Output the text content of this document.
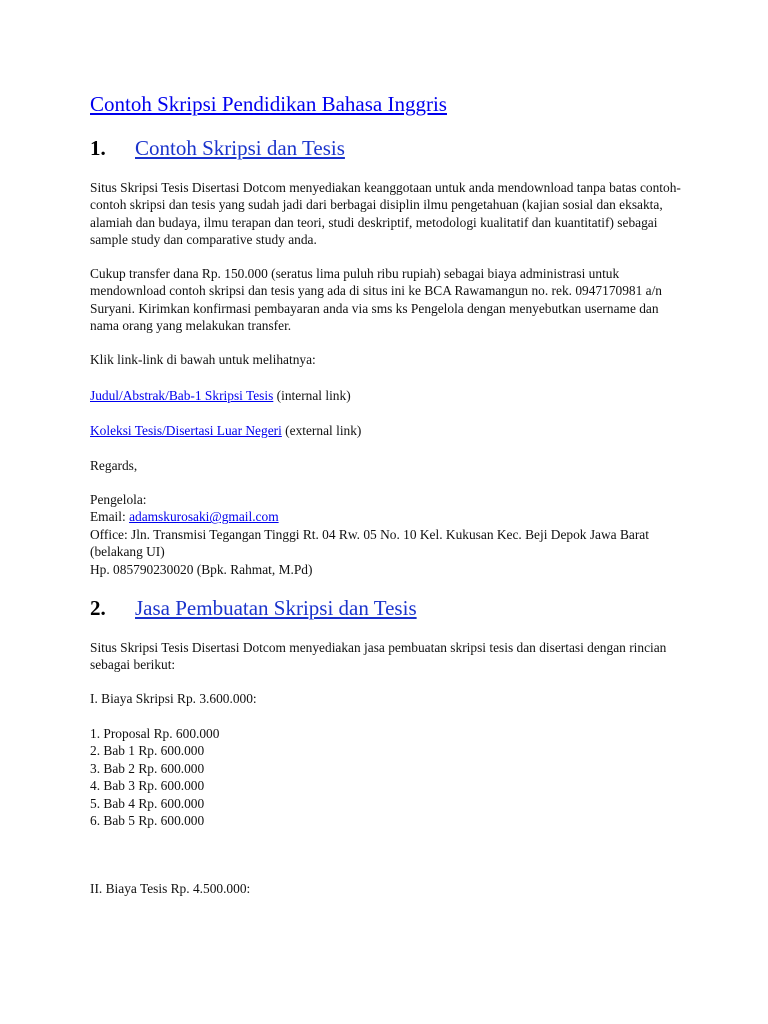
Contoh Skripsi Pendidikan Bahasa Inggris
1. Contoh Skripsi dan Tesis

Situs Skripsi Tesis Disertasi Dotcom menyediakan keanggotaan untuk anda mendownload tanpa batas contoh-contoh skripsi dan tesis yang sudah jadi dari berbagai disiplin ilmu pengetahuan (kajian sosial dan eksakta, alamiah dan budaya, ilmu terapan dan teori, studi deskriptif, metodologi kualitatif dan kuantitatif) sebagai sample study dan comparative study anda.

Cukup transfer dana Rp. 150.000 (seratus lima puluh ribu rupiah) sebagai biaya administrasi untuk mendownload contoh skripsi dan tesis yang ada di situs ini ke BCA Rawamangun no. rek. 0947170981 a/n Suryani. Kirimkan konfirmasi pembayaran anda via sms ks Pengelola dengan menyebutkan username dan nama orang yang melakukan transfer.

Klik link-link di bawah untuk melihatnya:

Judul/Abstrak/Bab-1 Skripsi Tesis (internal link)
Koleksi Tesis/Disertasi Luar Negeri (external link)

Regards,

Pengelola:

Email: adamskurosaki@gmail.com

Office: Jln. Transmisi Tegangan Tinggi Rt. 04 Rw. 05 No. 10 Kel. Kukusan Kec. Beji Depok Jawa Barat (belakang UI)

Hp. 085790230020 (Bpk. Rahmat, M.Pd)

2. Jasa Pembuatan Skripsi dan Tesis

Situs Skripsi Tesis Disertasi Dotcom menyediakan jasa pembuatan skripsi tesis dan disertasi dengan rincian sebagai berikut:

I. Biaya Skripsi Rp. 3.600.000:

1. Proposal Rp. 600.000
2. Bab 1 Rp. 600.000
3. Bab 2 Rp. 600.000
4. Bab 3 Rp. 600.000
5. Bab 4 Rp. 600.000
6. Bab 5 Rp. 600.000

II. Biaya Tesis Rp. 4.500.000:
